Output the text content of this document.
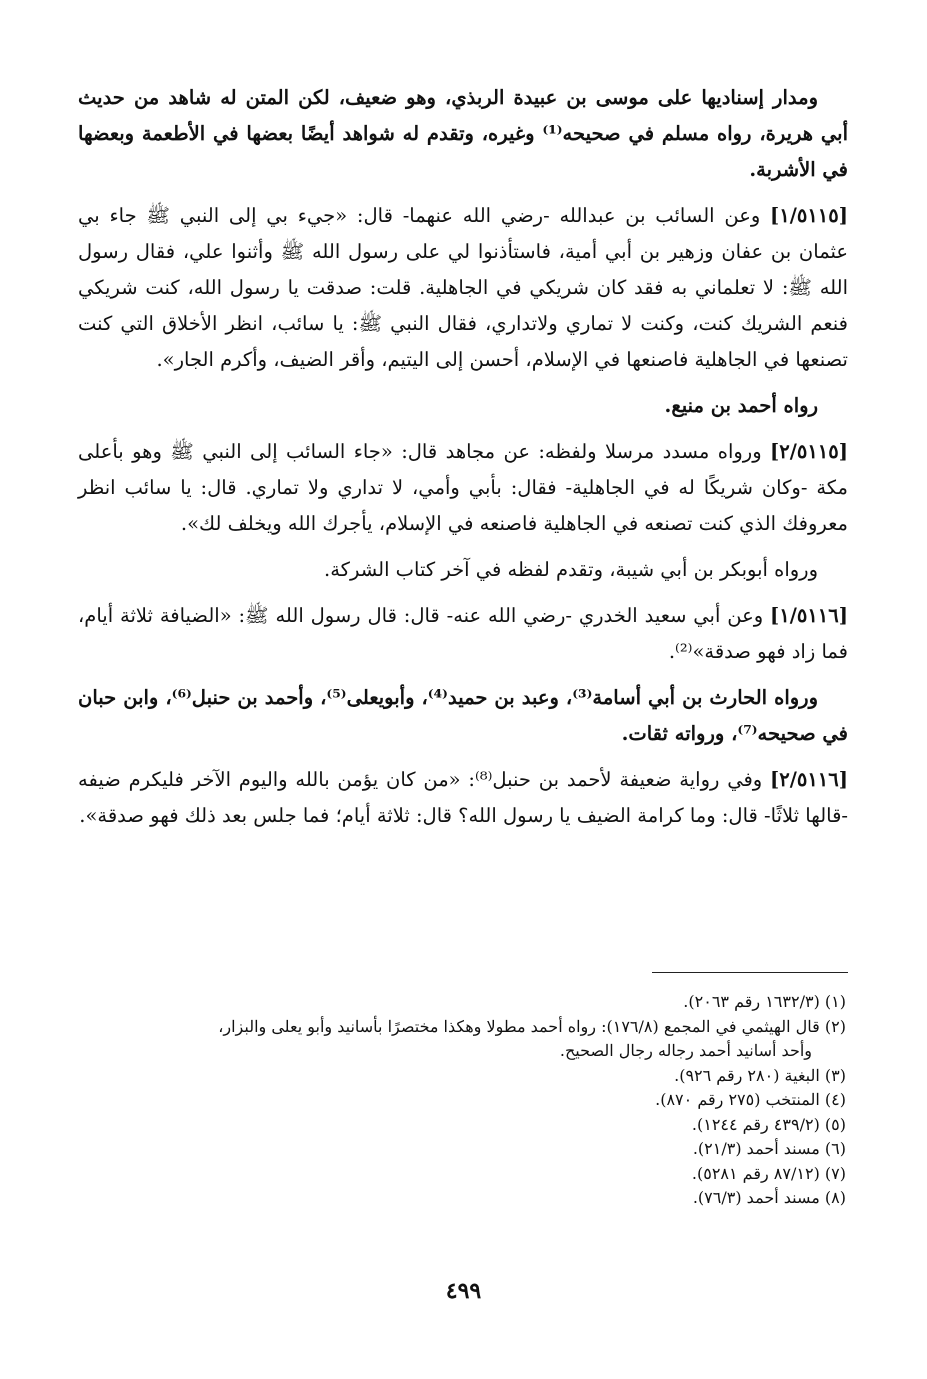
ومدار إسناديها على موسى بن عبيدة الربذي، وهو ضعيف، لكن المتن له شاهد من حديث أبي هريرة، رواه مسلم في صحيحه⁽¹⁾ وغيره، وتقدم له شواهد أيضًا بعضها في الأطعمة وبعضها في الأشربة.

[١/٥١١٥] وعن السائب بن عبدالله -رضي الله عنهما- قال: «جيء بي إلى النبي ﷺ جاء بي عثمان بن عفان وزهير بن أبي أمية، فاستأذنوا لي على رسول الله ﷺ وأثنوا علي، فقال رسول الله ﷺ: لا تعلماني به فقد كان شريكي في الجاهلية. قلت: صدقت يا رسول الله، كنت شريكي فنعم الشريك كنت، وكنت لا تماري ولاتداري، فقال النبي ﷺ: يا سائب، انظر الأخلاق التي كنت تصنعها في الجاهلية فاصنعها في الإسلام، أحسن إلى اليتيم، وأقر الضيف، وأكرم الجار».

رواه أحمد بن منيع.

[٢/٥١١٥] ورواه مسدد مرسلا ولفظه: عن مجاهد قال: «جاء السائب إلى النبي ﷺ وهو بأعلى مكة -وكان شريكًا له في الجاهلية- فقال: بأبي وأمي، لا تداري ولا تماري. قال: يا سائب انظر معروفك الذي كنت تصنعه في الجاهلية فاصنعه في الإسلام، يأجرك الله ويخلف لك».

ورواه أبوبكر بن أبي شيبة، وتقدم لفظه في آخر كتاب الشركة.

[١/٥١١٦] وعن أبي سعيد الخدري -رضي الله عنه- قال: قال رسول الله ﷺ: «الضيافة ثلاثة أيام، فما زاد فهو صدقة»⁽²⁾.

ورواه الحارث بن أبي أسامة⁽³⁾، وعبد بن حميد⁽⁴⁾، وأبويعلى⁽⁵⁾، وأحمد بن حنبل⁽⁶⁾، وابن حبان في صحيحه⁽⁷⁾، ورواته ثقات.

[٢/٥١١٦] وفي رواية ضعيفة لأحمد بن حنبل⁽⁸⁾: «من كان يؤمن بالله واليوم الآخر فليكرم ضيفه -قالها ثلاثًا- قال: وما كرامة الضيف يا رسول الله؟ قال: ثلاثة أيام؛ فما جلس بعد ذلك فهو صدقة».

(١) (١٦٣٢/٣ رقم ٢٠٦٣).

(٢) قال الهيثمي في المجمع (١٧٦/٨): رواه أحمد مطولا وهكذا مختصرًا بأسانيد وأبو يعلى والبزار،
وأحد أسانيد أحمد رجاله رجال الصحيح.

(٣) البغية (٢٨٠ رقم ٩٢٦).

(٤) المنتخب (٢٧٥ رقم ٨٧٠).

(٥) (٤٣٩/٢ رقم ١٢٤٤).

(٦) مسند أحمد (٢١/٣).

(٧) (٨٧/١٢ رقم ٥٢٨١).

(٨) مسند أحمد (٧٦/٣).

٤٩٩
